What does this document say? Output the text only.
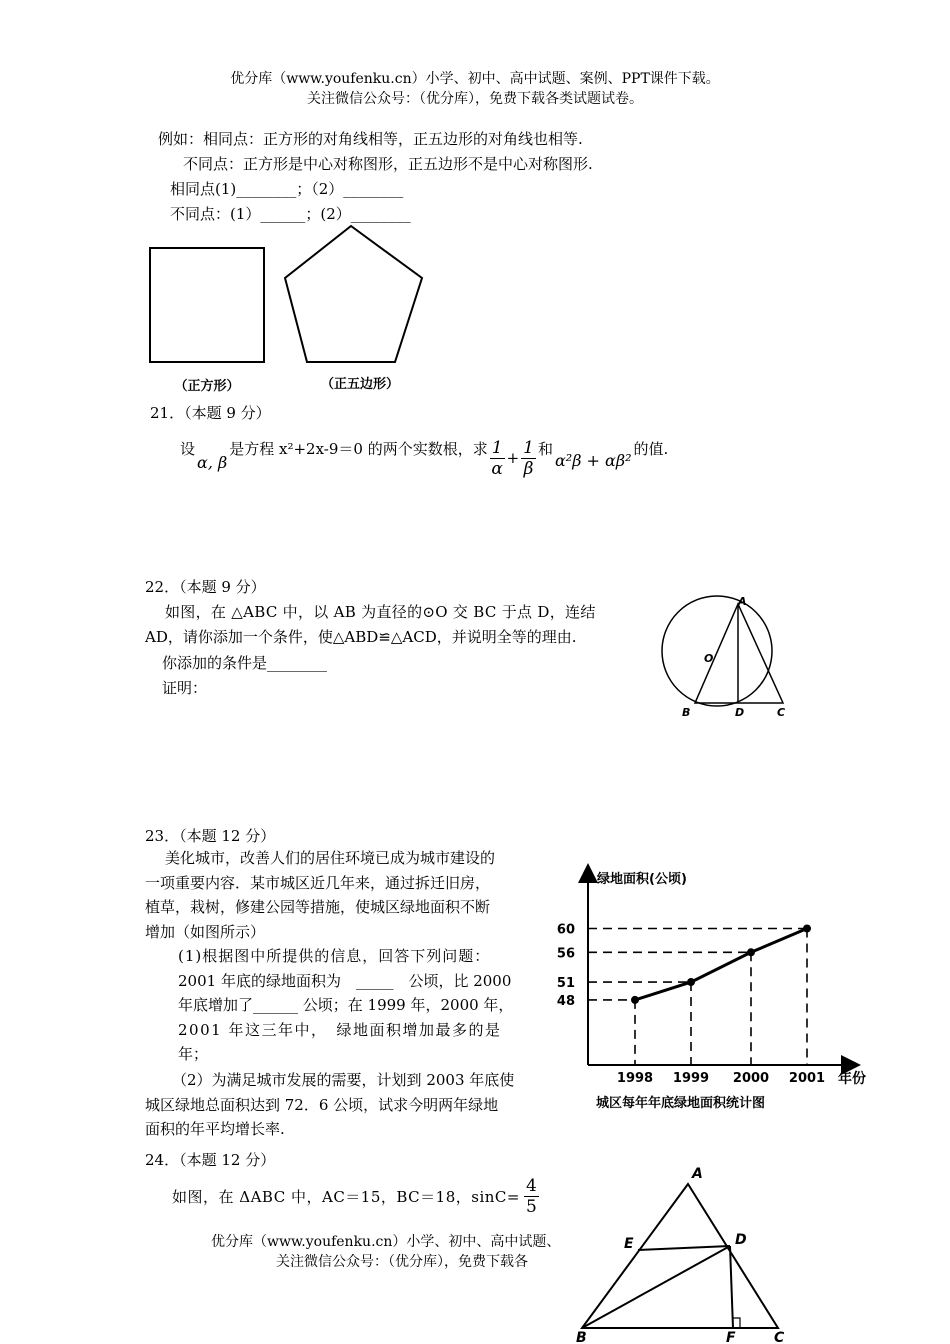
优分库（www.youfenku.cn）小学、初中、高中试题、案例、PPT课件下载。
关注微信公众号：（优分库），免费下载各类试题试卷。
例如：相同点：正方形的对角线相等，正五边形的对角线也相等.
不同点：正方形是中心对称图形，正五边形不是中心对称图形.
相同点(1)________；（2）________
不同点：(1）______；(2）________
（正方形）	（正五边形）
21．（本题 9 分）
设
α, β
是方程 x²+2x-9＝0 的两个实数根，求 $\frac{1}{\alpha} + \frac{1}{\beta}$ 和
α²β + αβ²
的值.
22．（本题 9 分）
如图，在 △ABC 中，以 AB 为直径的⊙O 交 BC 于点 D，连结
AD，请你添加一个条件，使△ABD≌△ACD，并说明全等的理由.
你添加的条件是________
证明：
A
O
B	D	C
23．（本题 12 分）
美化城市，改善人们的居住环境已成为城市建设的
一项重要内容．某市城区近几年来，通过拆迁旧房，
植草，栽树，修建公园等措施，使城区绿地面积不断
增加（如图所示）
(1)根据图中所提供的信息，回答下列问题：
2001 年底的绿地面积为　_____　公顷，比 2000
年底增加了______ 公顷；在 1999 年，2000 年，
2001 年这三年中，　绿地面积增加最多的是
年；
（2）为满足城市发展的需要，计划到 2003 年底使
城区绿地总面积达到 72．6 公顷，试求今明两年绿地
面积的年平均增长率.
绿地面积(公顷)
年份
城区每年年底绿地面积统计图
48
51
56
60
1998 1999 2000 2001
24．（本题 12 分）
如图，在 ΔABC 中，AC＝15，BC＝18，$\sin C= \frac{4}{5}$
A
E	D
B	F	C
优分库（www.youfenku.cn）小学、初中、高中试题、
关注微信公众号：（优分库），免费下载各
